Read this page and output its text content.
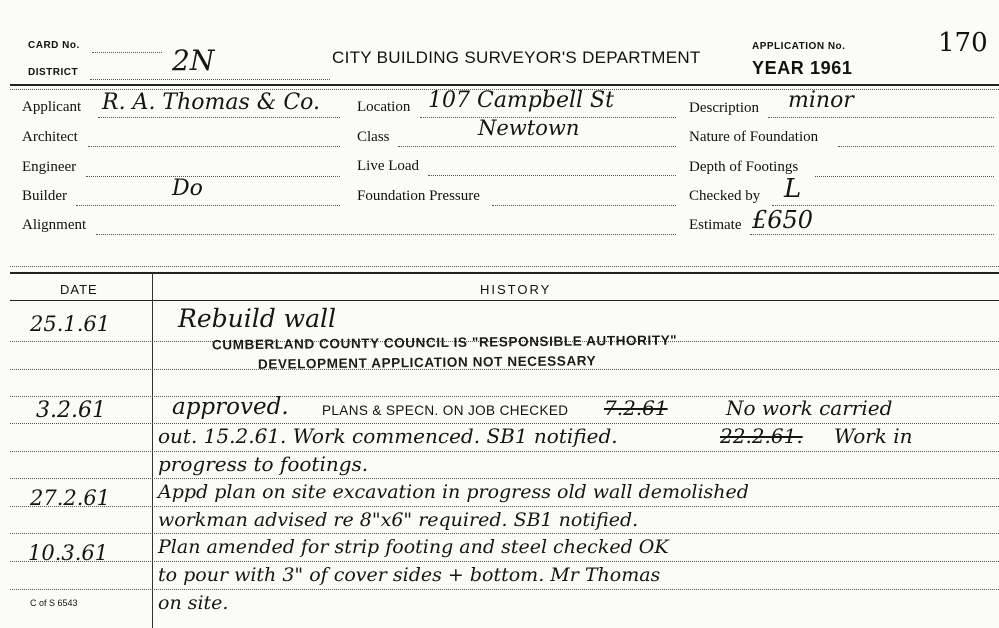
CARD No.
DISTRICT	2N	CITY BUILDING SURVEYOR'S DEPARTMENT
APPLICATION No.	170
YEAR 1961
Applicant R. A. Thomas & Co.
Architect
Engineer
Builder	Do
Alignment
Location 107 Campbell St
Class	Newtown
Live Load
Foundation Pressure
Description minor
Nature of Foundation
Depth of Footings
Checked by L
Estimate £650
DATE	HISTORY
25.1.61	Rebuild wall
CUMBERLAND COUNTY COUNCIL IS "RESPONSIBLE AUTHORITY"
DEVELOPMENT APPLICATION NOT NECESSARY
3.2.61	approved. PLANS & SPECN. ON JOB CHECKED 7.2.61	No work carried
out. 15.2.61. Work commenced. SB1 notified.	22.2.61. Work in
progress to footings.
27.2.61	Appd plan on site excavation in progress old wall demolished
workman advised re 8"x6" required. SB1 notified.
10.3.61	Plan amended for strip footing and steel checked OK
to pour with 3" of cover sides + bottom. Mr Thomas
on site.
C of S 6543
